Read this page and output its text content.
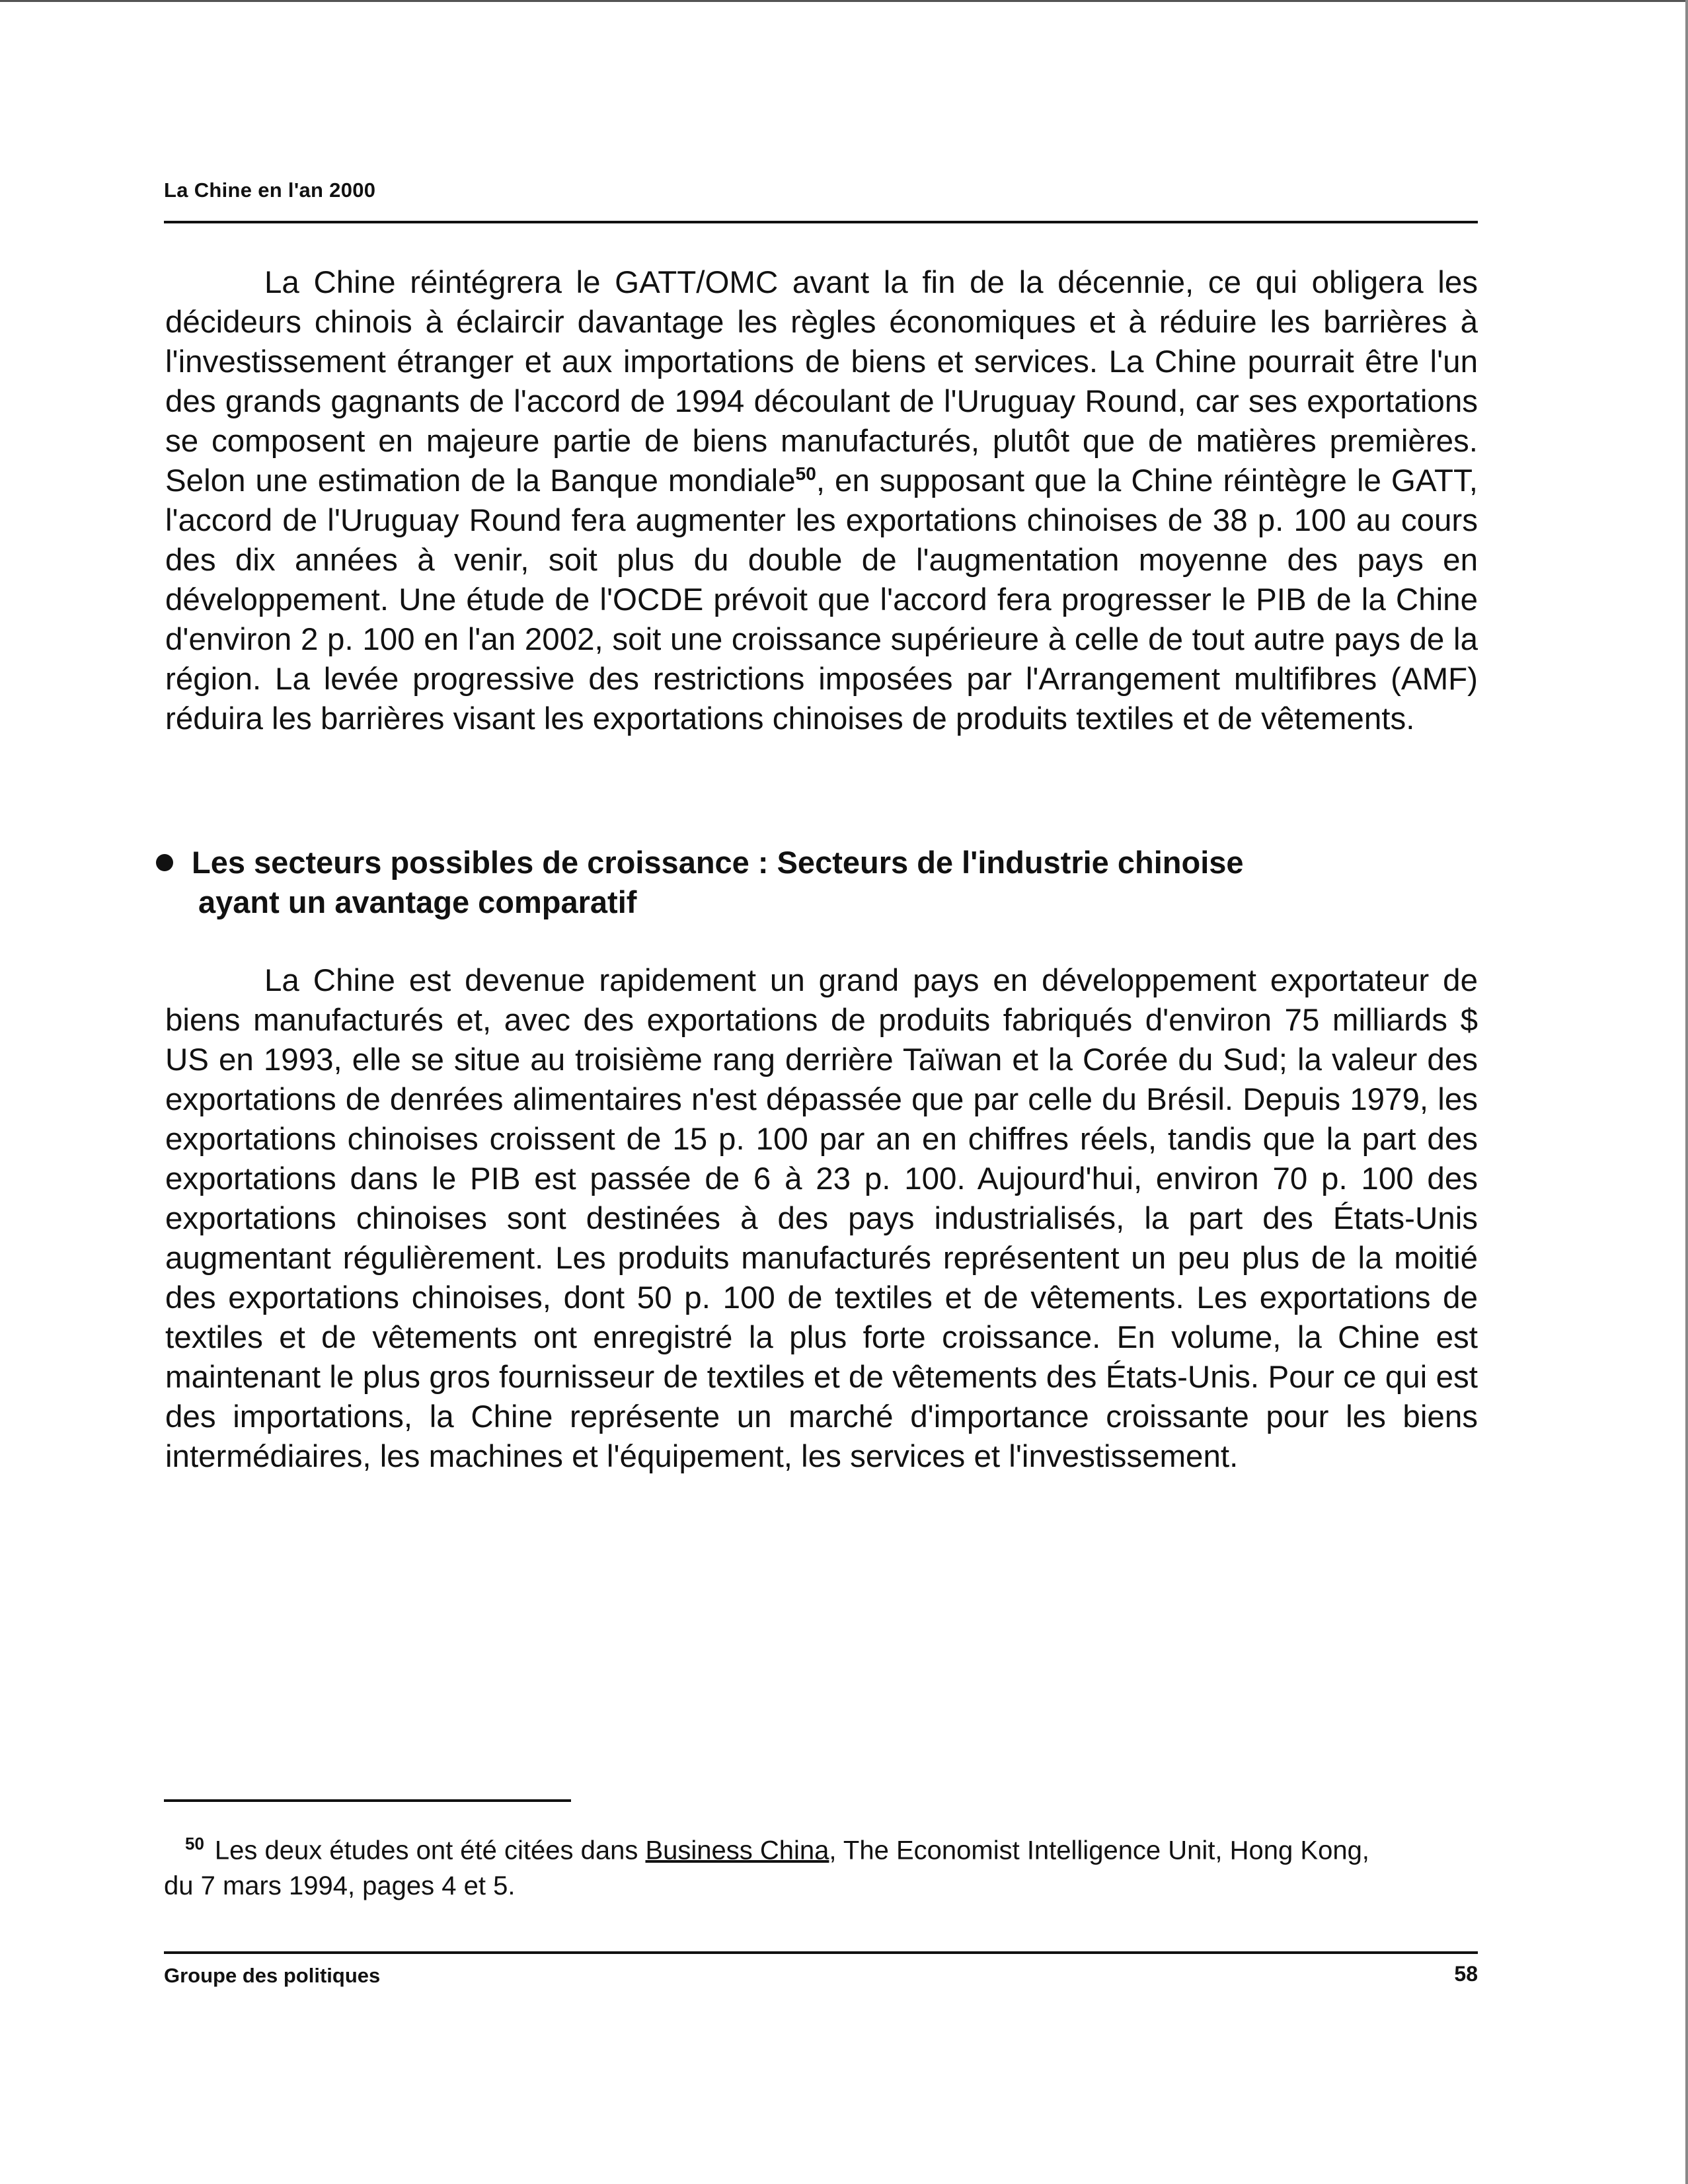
La Chine en l'an 2000
La Chine réintégrera le GATT/OMC avant la fin de la décennie, ce qui obligera les décideurs chinois à éclaircir davantage les règles économiques et à réduire les barrières à l'investissement étranger et aux importations de biens et services. La Chine pourrait être l'un des grands gagnants de l'accord de 1994 découlant de l'Uruguay Round, car ses exportations se composent en majeure partie de biens manufacturés, plutôt que de matières premières. Selon une estimation de la Banque mondiale$^{50}$, en supposant que la Chine réintègre le GATT, l'accord de l'Uruguay Round fera augmenter les exportations chinoises de 38 p. 100 au cours des dix années à venir, soit plus du double de l'augmentation moyenne des pays en développement. Une étude de l'OCDE prévoit que l'accord fera progresser le PIB de la Chine d'environ 2 p. 100 en l'an 2002, soit une croissance supérieure à celle de tout autre pays de la région. La levée progressive des restrictions imposées par l'Arrangement multifibres (AMF) réduira les barrières visant les exportations chinoises de produits textiles et de vêtements.
Les secteurs possibles de croissance : Secteurs de l'industrie chinoise
ayant un avantage comparatif
La Chine est devenue rapidement un grand pays en développement exportateur de biens manufacturés et, avec des exportations de produits fabriqués d'environ 75 milliards $ US en 1993, elle se situe au troisième rang derrière Taïwan et la Corée du Sud; la valeur des exportations de denrées alimentaires n'est dépassée que par celle du Brésil. Depuis 1979, les exportations chinoises croissent de 15 p. 100 par an en chiffres réels, tandis que la part des exportations dans le PIB est passée de 6 à 23 p. 100. Aujourd'hui, environ 70 p. 100 des exportations chinoises sont destinées à des pays industrialisés, la part des États-Unis augmentant régulièrement. Les produits manufacturés représentent un peu plus de la moitié des exportations chinoises, dont 50 p. 100 de textiles et de vêtements. Les exportations de textiles et de vêtements ont enregistré la plus forte croissance. En volume, la Chine est maintenant le plus gros fournisseur de textiles et de vêtements des États-Unis. Pour ce qui est des importations, la Chine représente un marché d'importance croissante pour les biens intermédiaires, les machines et l'équipement, les services et l'investissement.
$^{50}$ Les deux études ont été citées dans Business China, The Economist Intelligence Unit, Hong Kong,
du 7 mars 1994, pages 4 et 5.
Groupe des politiques	58
